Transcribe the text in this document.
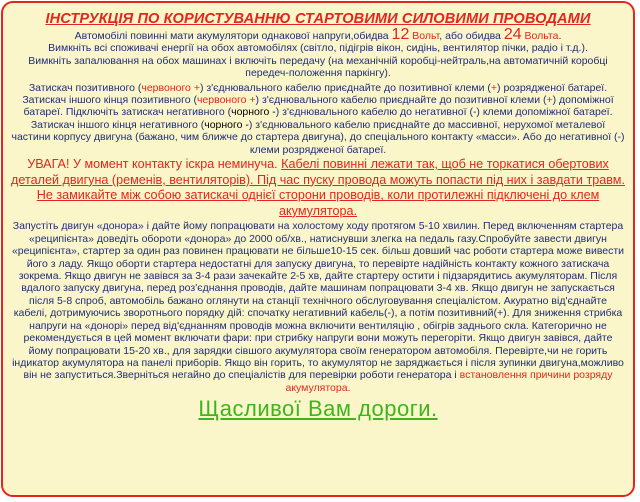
ІНСТРУКЦІЯ ПО КОРИСТУВАННЮ СТАРТОВИМИ СИЛОВИМИ ПРОВОДАМИ

Автомобілі повинні мати акумулятори однакової напруги,обидва 12 Вольт, або обидва 24 Вольта.

Вимкніть всі споживачі енергії на обох автомобілях (світло, підігрів вікон, сидінь, вентилятор пічки, радіо і т.д.).

Вимкніть запалювання на обох машинах і включіть передачу (на механічній коробці-нейтраль,на автоматичній коробці передеч-положення паркінгу).

Затискач позитивного (червоного +) з'єднювального кабелю приєднайте до позитивної клеми (+) розрядженої батареї. Затискач іншого кінця позитивного (червоного +) з'єднювального кабелю приєднайте до позитивної клеми (+) допоміжної батареї. Підключіть затискач негативного (чорного -) з'єднювального кабелю до негативної (-) клеми допоміжної батареї.

Затискач іншого кінця негативного (чорного -) з'єднювального кабелю приєднайте до массивної, нерухомої металевої частини корпусу двигуна (бажано, чим ближче до стартера двигуна), до спеціального контакту «масси». Або до негативної (-) клеми розрядженої батареї.

УВАГА! У момент контакту іскра неминуча. Кабелі повинні лежати так, щоб не торкатися обертових деталей двигуна (ременів, вентиляторів). Під час пуску провода можуть попасти під них і завдати травм. Не замикайте між собою затискачі однієї сторони проводів, коли протилежні підключені до клем акумулятора.

Запустіть двигун «донора» і дайте йому попрацювати на холостому ходу протягом 5-10 хвилин. Перед включенням стартера «реципієнта» доведіть обороти «донора» до 2000 об/хв., натиснувши злегка на педаль газу.Спробуйте завести двигун «реципієнта», стартер за один раз повинен працювати не більше10-15 сек. більш довший час роботи стартера може вивести його з ладу. Якщо оборти стартера недостатні для запуску двигуна, то перевірте надійність контакту кожного затискача зокрема. Якщо двигун не завівся за 3-4 рази зачекайте 2-5 хв, дайте стартеру остити і підзарядитись акумуляторам. Після вдалого запуску двигуна, перед роз'єднання проводів, дайте машинам попрацювати 3-4 хв. Якщо двигун не запускається після 5-8 спроб, автомобіль бажано оглянути на станції технічного обслуговування спеціалістом. Акуратно від'єднайте кабелі, дотримуючись зворотнього порядку дій: спочатку негативний кабель(-), а потім позитивний(+). Для зниження стрибка напруги на «донорі» перед від'єднанням проводів можна включити вентиляцію , обігрів заднього скла. Категорично не рекомендується в цей момент включати фари: при стрибку напруги вони можуть перегоріти. Якщо двигун завівся, дайте йому попрацювати 15-20 хв., для зарядки сівшого акумулятора своїм генератором автомобіля. Перевірте,чи не горить індикатор акумулятора на панелі приборів. Якщо він горить, то акумулятор не заряджається і після зупинки двигуна,можливо він не запуститься.Зверніться негайно до спеціалістів для перевірки роботи генератора і встановлення причини розряду акумулятора.

Щасливої Вам дороги.
